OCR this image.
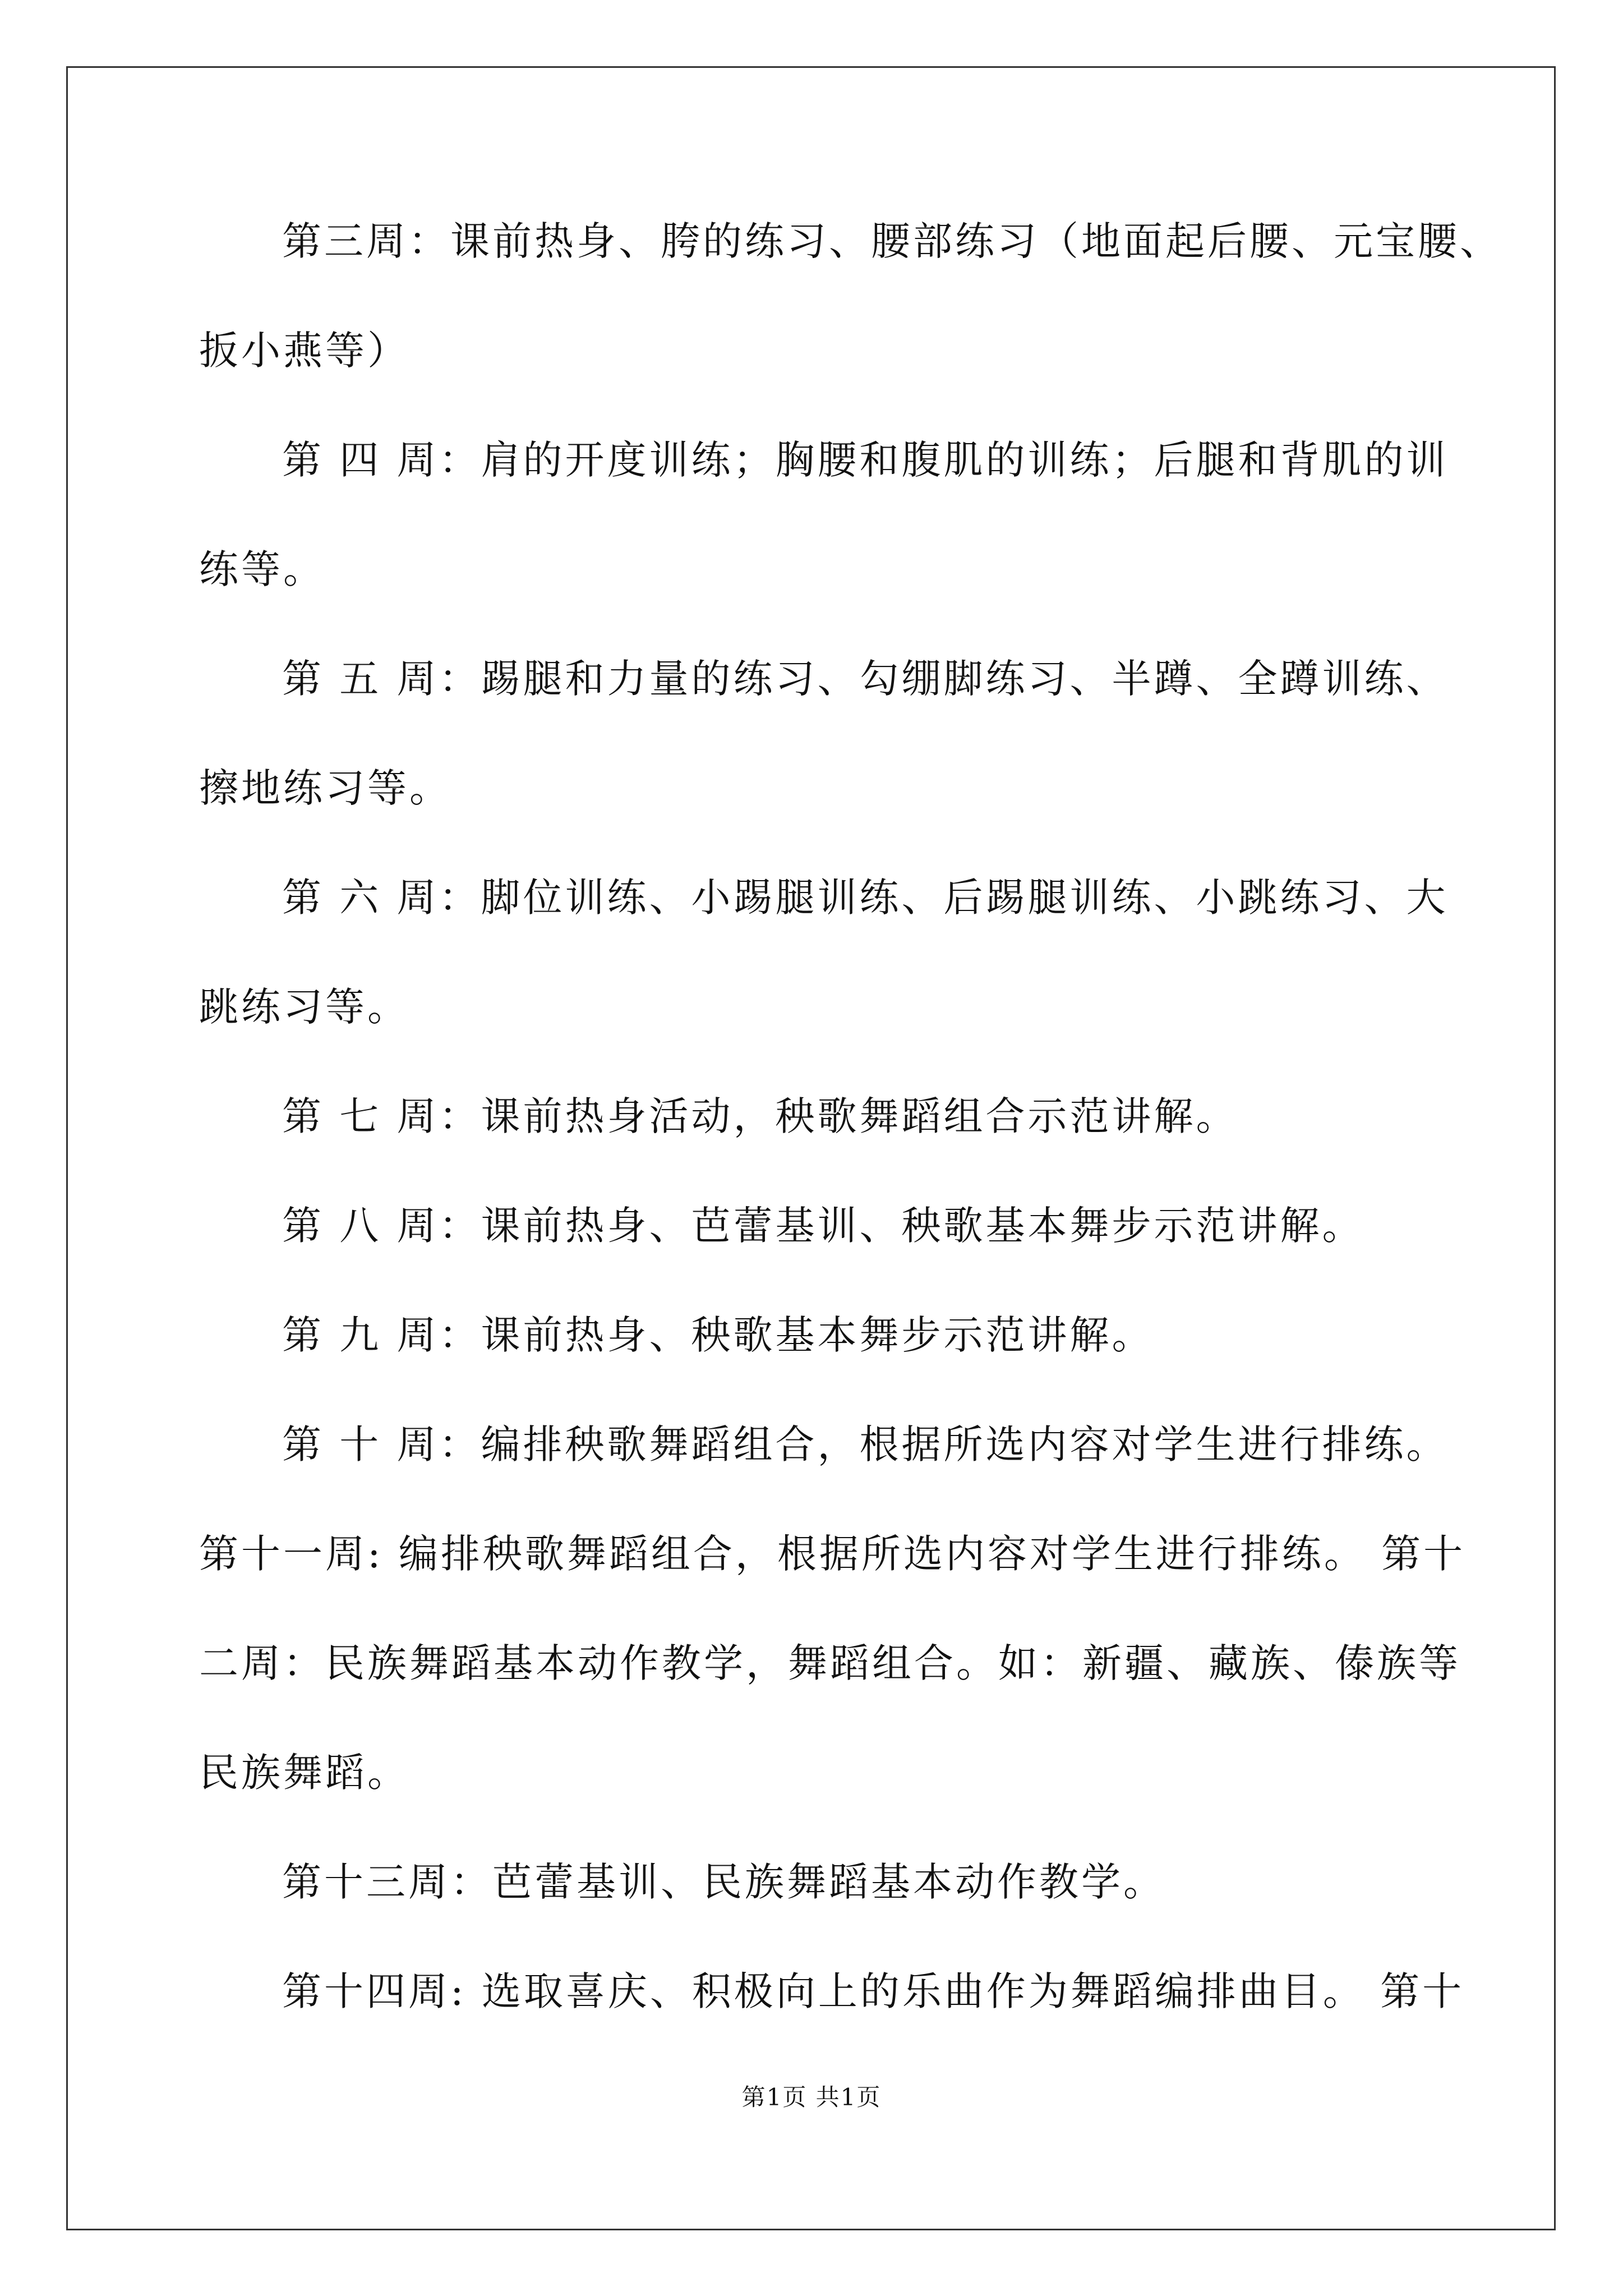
第三周：课前热身、胯的练习、腰部练习（地面起后腰、元宝腰、
扳小燕等）
第 四 周：肩的开度训练；胸腰和腹肌的训练；后腿和背肌的训
练等。
第 五 周：踢腿和力量的练习、勾绷脚练习、半蹲、全蹲训练、
擦地练习等。
第 六 周：脚位训练、小踢腿训练、后踢腿训练、小跳练习、大
跳练习等。
第 七 周：课前热身活动，秧歌舞蹈组合示范讲解。
第 八 周：课前热身、芭蕾基训、秧歌基本舞步示范讲解。
第 九 周：课前热身、秧歌基本舞步示范讲解。
第 十 周：编排秧歌舞蹈组合，根据所选内容对学生进行排练。
第十一周: 编排秧歌舞蹈组合，根据所选内容对学生进行排练。 第十
二周：民族舞蹈基本动作教学，舞蹈组合。如：新疆、藏族、傣族等
民族舞蹈。
第十三周：芭蕾基训、民族舞蹈基本动作教学。
第十四周: 选取喜庆、积极向上的乐曲作为舞蹈编排曲目。 第十
第1页 共1页
